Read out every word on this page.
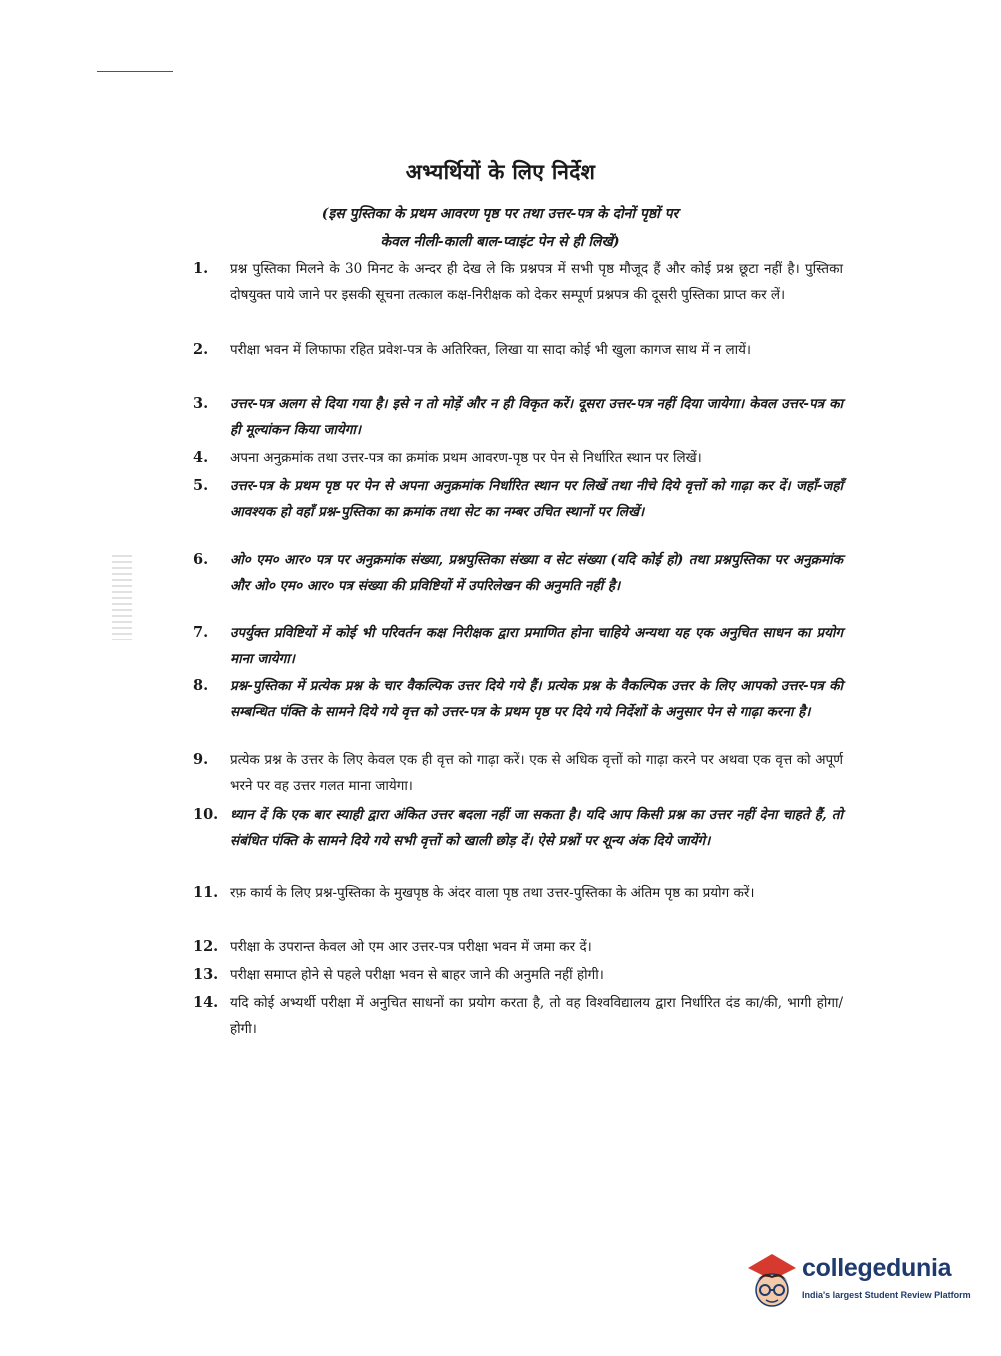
अभ्यर्थियों के लिए निर्देश
(इस पुस्तिका के प्रथम आवरण पृष्ठ पर तथा उत्तर-पत्र के दोनों पृष्ठों पर
केवल नीली-काली बाल-प्वाइंट पेन से ही लिखें)
1.	प्रश्न पुस्तिका मिलने के 30 मिनट के अन्दर ही देख ले कि प्रश्नपत्र में सभी पृष्ठ मौजूद हैं और कोई प्रश्न छूटा नहीं है। पुस्तिका दोषयुक्त पाये जाने पर इसकी सूचना तत्काल कक्ष-निरीक्षक को देकर सम्पूर्ण प्रश्नपत्र की दूसरी पुस्तिका प्राप्त कर लें।
2.	परीक्षा भवन में लिफाफा रहित प्रवेश-पत्र के अतिरिक्त, लिखा या सादा कोई भी खुला कागज साथ में न लायें।
3.	उत्तर-पत्र अलग से दिया गया है। इसे न तो मोड़ें और न ही विकृत करें। दूसरा उत्तर-पत्र नहीं दिया जायेगा। केवल उत्तर-पत्र का ही मूल्यांकन किया जायेगा।
4.	अपना अनुक्रमांक तथा उत्तर-पत्र का क्रमांक प्रथम आवरण-पृष्ठ पर पेन से निर्धारित स्थान पर लिखें।
5.	उत्तर-पत्र के प्रथम पृष्ठ पर पेन से अपना अनुक्रमांक निर्धारित स्थान पर लिखें तथा नीचे दिये वृत्तों को गाढ़ा कर दें। जहाँ-जहाँ आवश्यक हो वहाँ प्रश्न-पुस्तिका का क्रमांक तथा सेट का नम्बर उचित स्थानों पर लिखें।
6.	ओ० एम० आर० पत्र पर अनुक्रमांक संख्या, प्रश्नपुस्तिका संख्या व सेट संख्या (यदि कोई हो) तथा प्रश्नपुस्तिका पर अनुक्रमांक और ओ० एम० आर० पत्र संख्या की प्रविष्टियों में उपरिलेखन की अनुमति नहीं है।
7.	उपर्युक्त प्रविष्टियों में कोई भी परिवर्तन कक्ष निरीक्षक द्वारा प्रमाणित होना चाहिये अन्यथा यह एक अनुचित साधन का प्रयोग माना जायेगा।
8.	प्रश्न-पुस्तिका में प्रत्येक प्रश्न के चार वैकल्पिक उत्तर दिये गये हैं। प्रत्येक प्रश्न के वैकल्पिक उत्तर के लिए आपको उत्तर-पत्र की सम्बन्धित पंक्ति के सामने दिये गये वृत्त को उत्तर-पत्र के प्रथम पृष्ठ पर दिये गये निर्देशों के अनुसार पेन से गाढ़ा करना है।
9.	प्रत्येक प्रश्न के उत्तर के लिए केवल एक ही वृत्त को गाढ़ा करें। एक से अधिक वृत्तों को गाढ़ा करने पर अथवा एक वृत्त को अपूर्ण भरने पर वह उत्तर गलत माना जायेगा।
10. ध्यान दें कि एक बार स्याही द्वारा अंकित उत्तर बदला नहीं जा सकता है। यदि आप किसी प्रश्न का उत्तर नहीं देना चाहते हैं, तो संबंधित पंक्ति के सामने दिये गये सभी वृत्तों को खाली छोड़ दें। ऐसे प्रश्नों पर शून्य अंक दिये जायेंगे।
11. रफ़ कार्य के लिए प्रश्न-पुस्तिका के मुखपृष्ठ के अंदर वाला पृष्ठ तथा उत्तर-पुस्तिका के अंतिम पृष्ठ का प्रयोग करें।
12. परीक्षा के उपरान्त केवल ओ एम आर उत्तर-पत्र परीक्षा भवन में जमा कर दें।
13. परीक्षा समाप्त होने से पहले परीक्षा भवन से बाहर जाने की अनुमति नहीं होगी।
14. यदि कोई अभ्यर्थी परीक्षा में अनुचित साधनों का प्रयोग करता है, तो वह विश्वविद्यालय द्वारा निर्धारित दंड का/की, भागी होगा/होगी।
collegedunia
India's largest Student Review Platform
